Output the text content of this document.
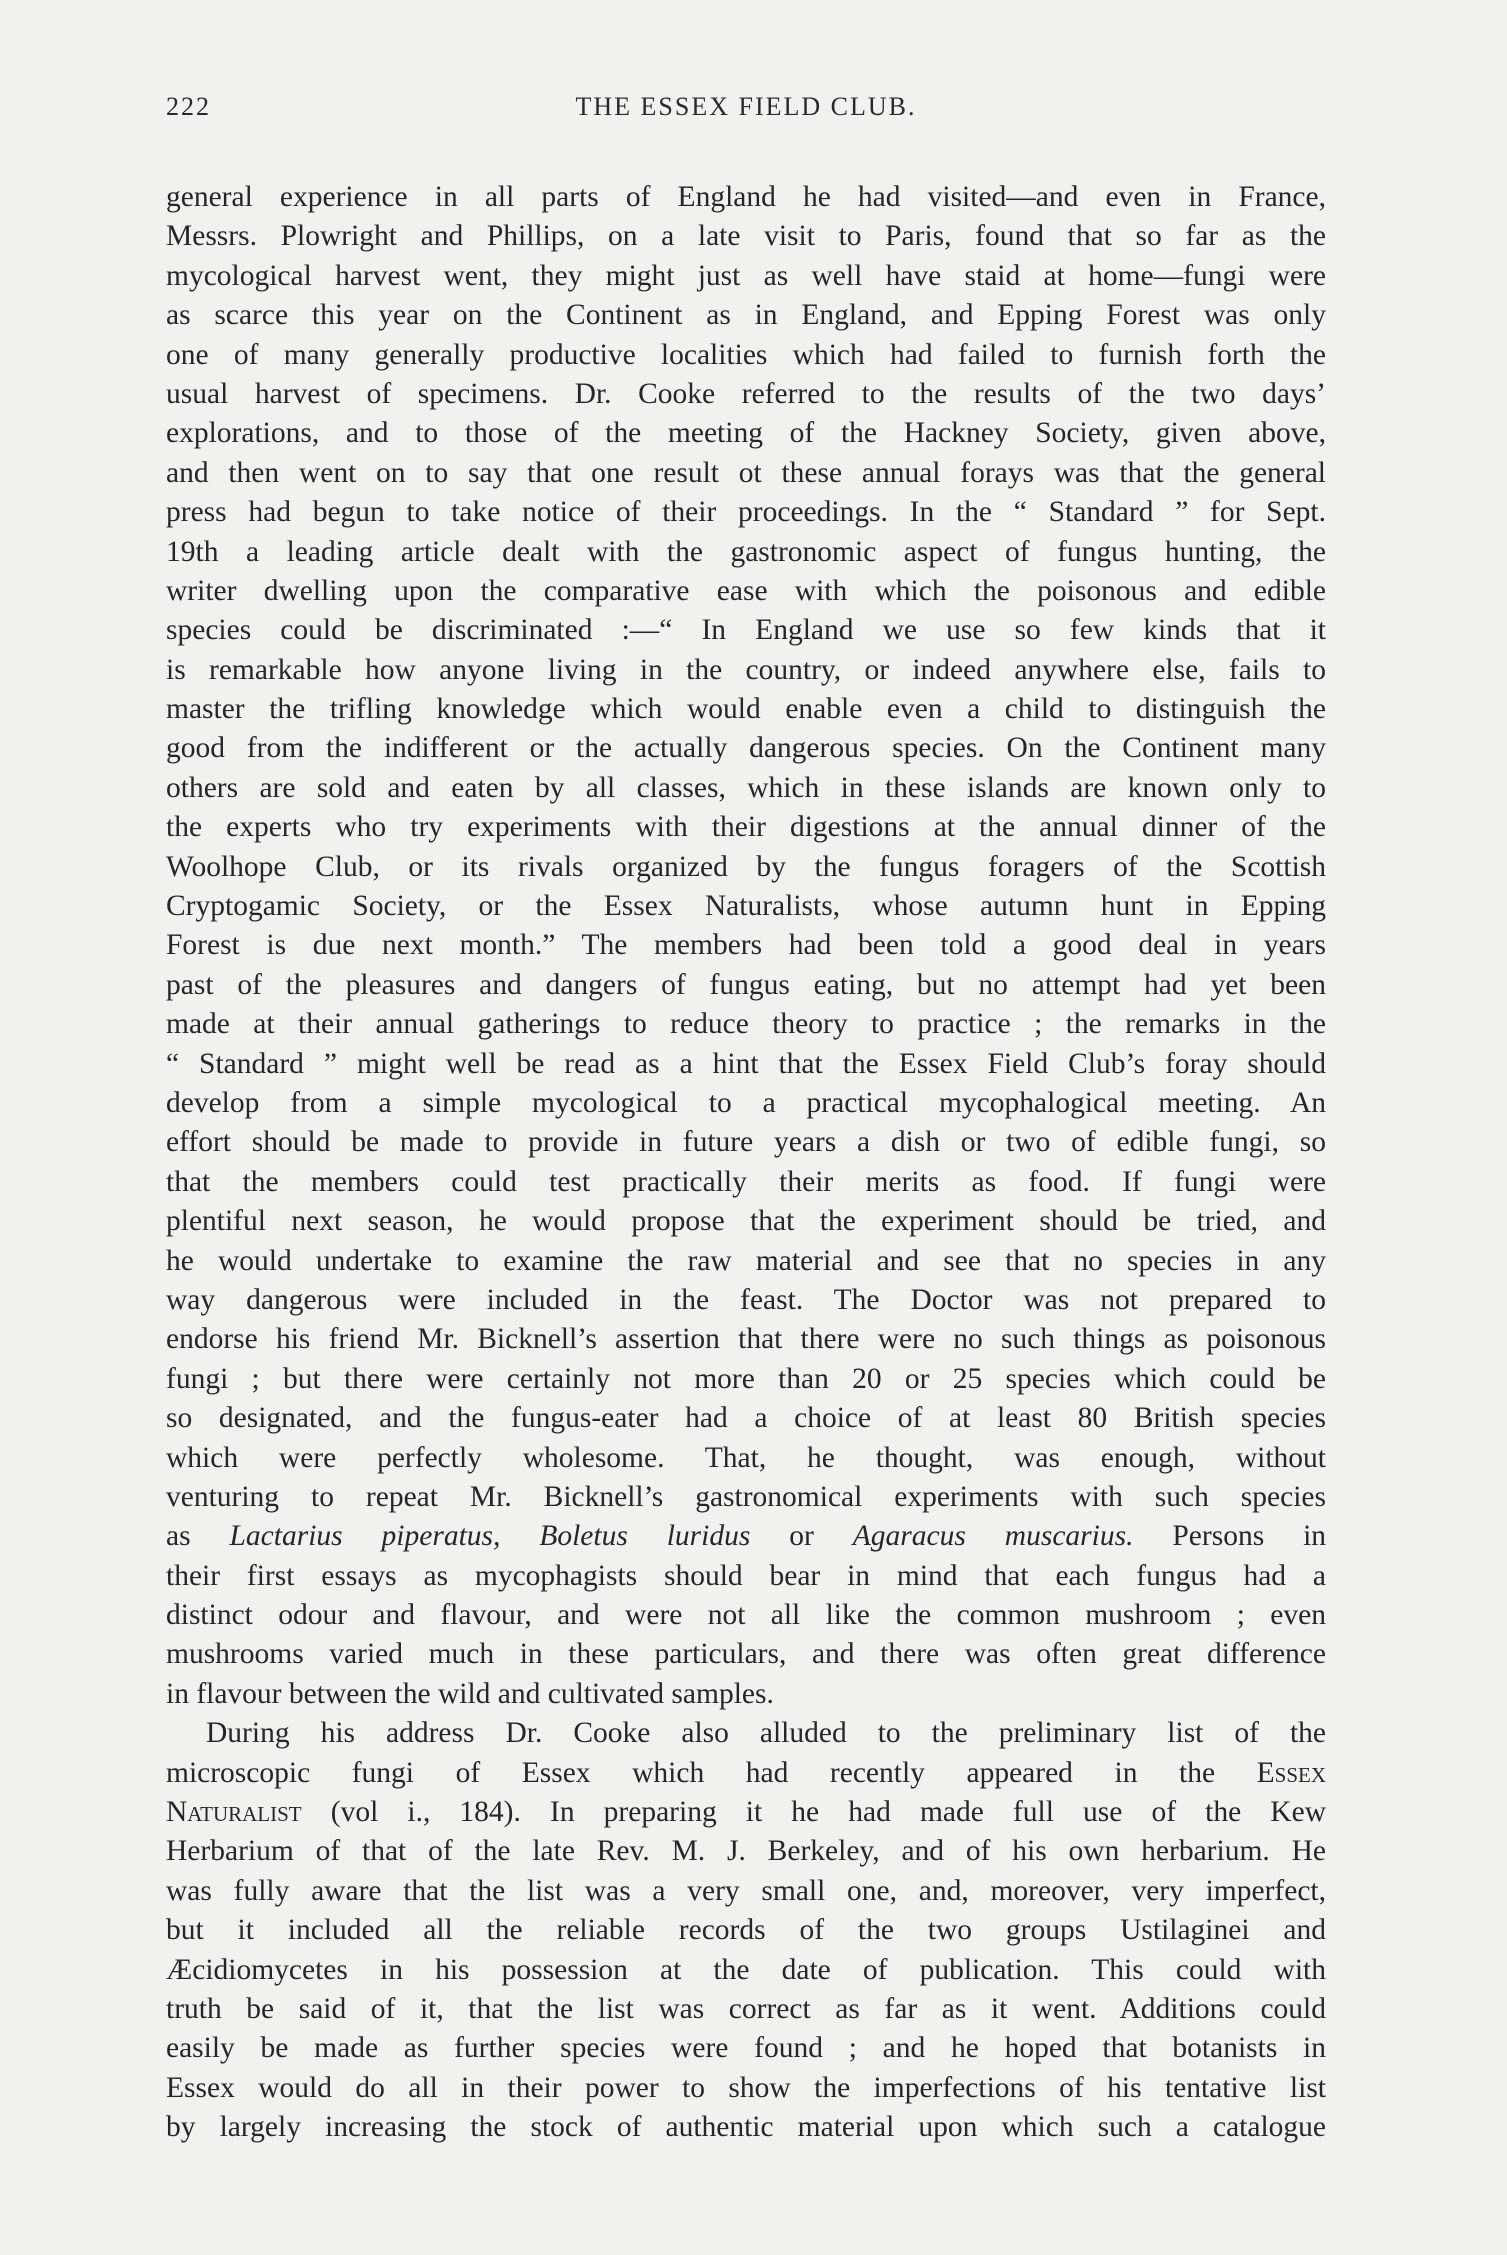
222	THE ESSEX FIELD CLUB.
general experience in all parts of England he had visited—and even in France,
Messrs. Plowright and Phillips, on a late visit to Paris, found that so far as the
mycological harvest went, they might just as well have staid at home—fungi were
as scarce this year on the Continent as in England, and Epping Forest was only
one of many generally productive localities which had failed to furnish forth the
usual harvest of specimens. Dr. Cooke referred to the results of the two days’
explorations, and to those of the meeting of the Hackney Society, given above,
and then went on to say that one result ot these annual forays was that the general
press had begun to take notice of their proceedings. In the “ Standard ” for Sept.
19th a leading article dealt with the gastronomic aspect of fungus hunting, the
writer dwelling upon the comparative ease with which the poisonous and edible
species could be discriminated :—“ In England we use so few kinds that it
is remarkable how anyone living in the country, or indeed anywhere else, fails to
master the trifling knowledge which would enable even a child to distinguish the
good from the indifferent or the actually dangerous species. On the Continent many
others are sold and eaten by all classes, which in these islands are known only to
the experts who try experiments with their digestions at the annual dinner of the
Woolhope Club, or its rivals organized by the fungus foragers of the Scottish
Cryptogamic Society, or the Essex Naturalists, whose autumn hunt in Epping
Forest is due next month.” The members had been told a good deal in years
past of the pleasures and dangers of fungus eating, but no attempt had yet been
made at their annual gatherings to reduce theory to practice ; the remarks in the
“ Standard ” might well be read as a hint that the Essex Field Club’s foray should
develop from a simple mycological to a practical mycophalogical meeting. An
effort should be made to provide in future years a dish or two of edible fungi, so
that the members could test practically their merits as food. If fungi were
plentiful next season, he would propose that the experiment should be tried, and
he would undertake to examine the raw material and see that no species in any
way dangerous were included in the feast. The Doctor was not prepared to
endorse his friend Mr. Bicknell’s assertion that there were no such things as poisonous
fungi ; but there were certainly not more than 20 or 25 species which could be
so designated, and the fungus-eater had a choice of at least 80 British species
which were perfectly wholesome. That, he thought, was enough, without
venturing to repeat Mr. Bicknell’s gastronomical experiments with such species
as Lactarius piperatus, Boletus luridus or Agaracus muscarius. Persons in
their first essays as mycophagists should bear in mind that each fungus had a
distinct odour and flavour, and were not all like the common mushroom ; even
mushrooms varied much in these particulars, and there was often great difference
in flavour between the wild and cultivated samples.
During his address Dr. Cooke also alluded to the preliminary list of the
microscopic fungi of Essex which had recently appeared in the Essex
Naturalist (vol i., 184). In preparing it he had made full use of the Kew
Herbarium of that of the late Rev. M. J. Berkeley, and of his own herbarium. He
was fully aware that the list was a very small one, and, moreover, very imperfect,
but it included all the reliable records of the two groups Ustilaginei and
Æcidiomycetes in his possession at the date of publication. This could with
truth be said of it, that the list was correct as far as it went. Additions could
easily be made as further species were found ; and he hoped that botanists in
Essex would do all in their power to show the imperfections of his tentative list
by largely increasing the stock of authentic material upon which such a catalogue
